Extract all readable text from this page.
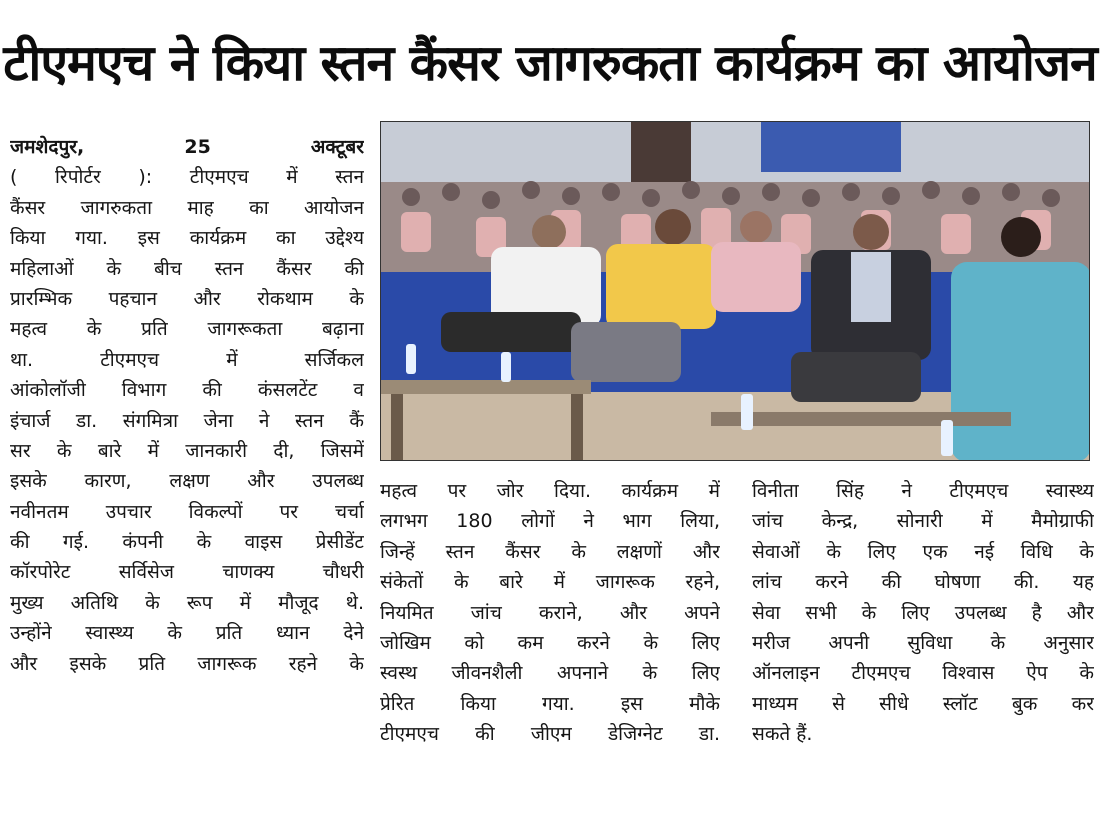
टीएमएच ने किया स्तन कैंसर जागरुकता कार्यक्रम का आयोजन
जमशेदपुर, 25 अक्टूबर
( रिपोर्टर ): टीएमएच में स्तन
कैंसर जागरुकता माह का आयोजन
किया गया. इस कार्यक्रम का उद्देश्य
महिलाओं के बीच स्तन कैंसर की
प्रारम्भिक पहचान और रोकथाम के
महत्व के प्रति जागरूकता बढ़ाना
था. टीएमएच में सर्जिकल
आंकोलॉजी विभाग की कंसलटेंट व
इंचार्ज डा. संगमित्रा जेना ने स्तन कैं
सर के बारे में जानकारी दी, जिसमें
इसके कारण, लक्षण और उपलब्ध
नवीनतम उपचार विकल्पों पर चर्चा
की गई. कंपनी के वाइस प्रेसीडेंट
कॉरपोरेट सर्विसेज चाणक्य चौधरी
मुख्य अतिथि के रूप में मौजूद थे.
उन्होंने स्वास्थ्य के प्रति ध्यान देने
और इसके प्रति जागरूक रहने के
महत्व पर जोर दिया. कार्यक्रम में
लगभग 180 लोगों ने भाग लिया,
जिन्हें स्तन कैंसर के लक्षणों और
संकेतों के बारे में जागरूक रहने,
नियमित जांच कराने, और अपने
जोखिम को कम करने के लिए
स्वस्थ जीवनशैली अपनाने के लिए
प्रेरित किया गया. इस मौके
टीएमएच की जीएम डेजिग्नेट डा.
विनीता सिंह ने टीएमएच स्वास्थ्य
जांच केन्द्र, सोनारी में मैमोग्राफी
सेवाओं के लिए एक नई विधि के
लांच करने की घोषणा की. यह
सेवा सभी के लिए उपलब्ध है और
मरीज अपनी सुविधा के अनुसार
ऑनलाइन टीएमएच विश्वास ऐप के
माध्यम से सीधे स्लॉट बुक कर
सकते हैं.
